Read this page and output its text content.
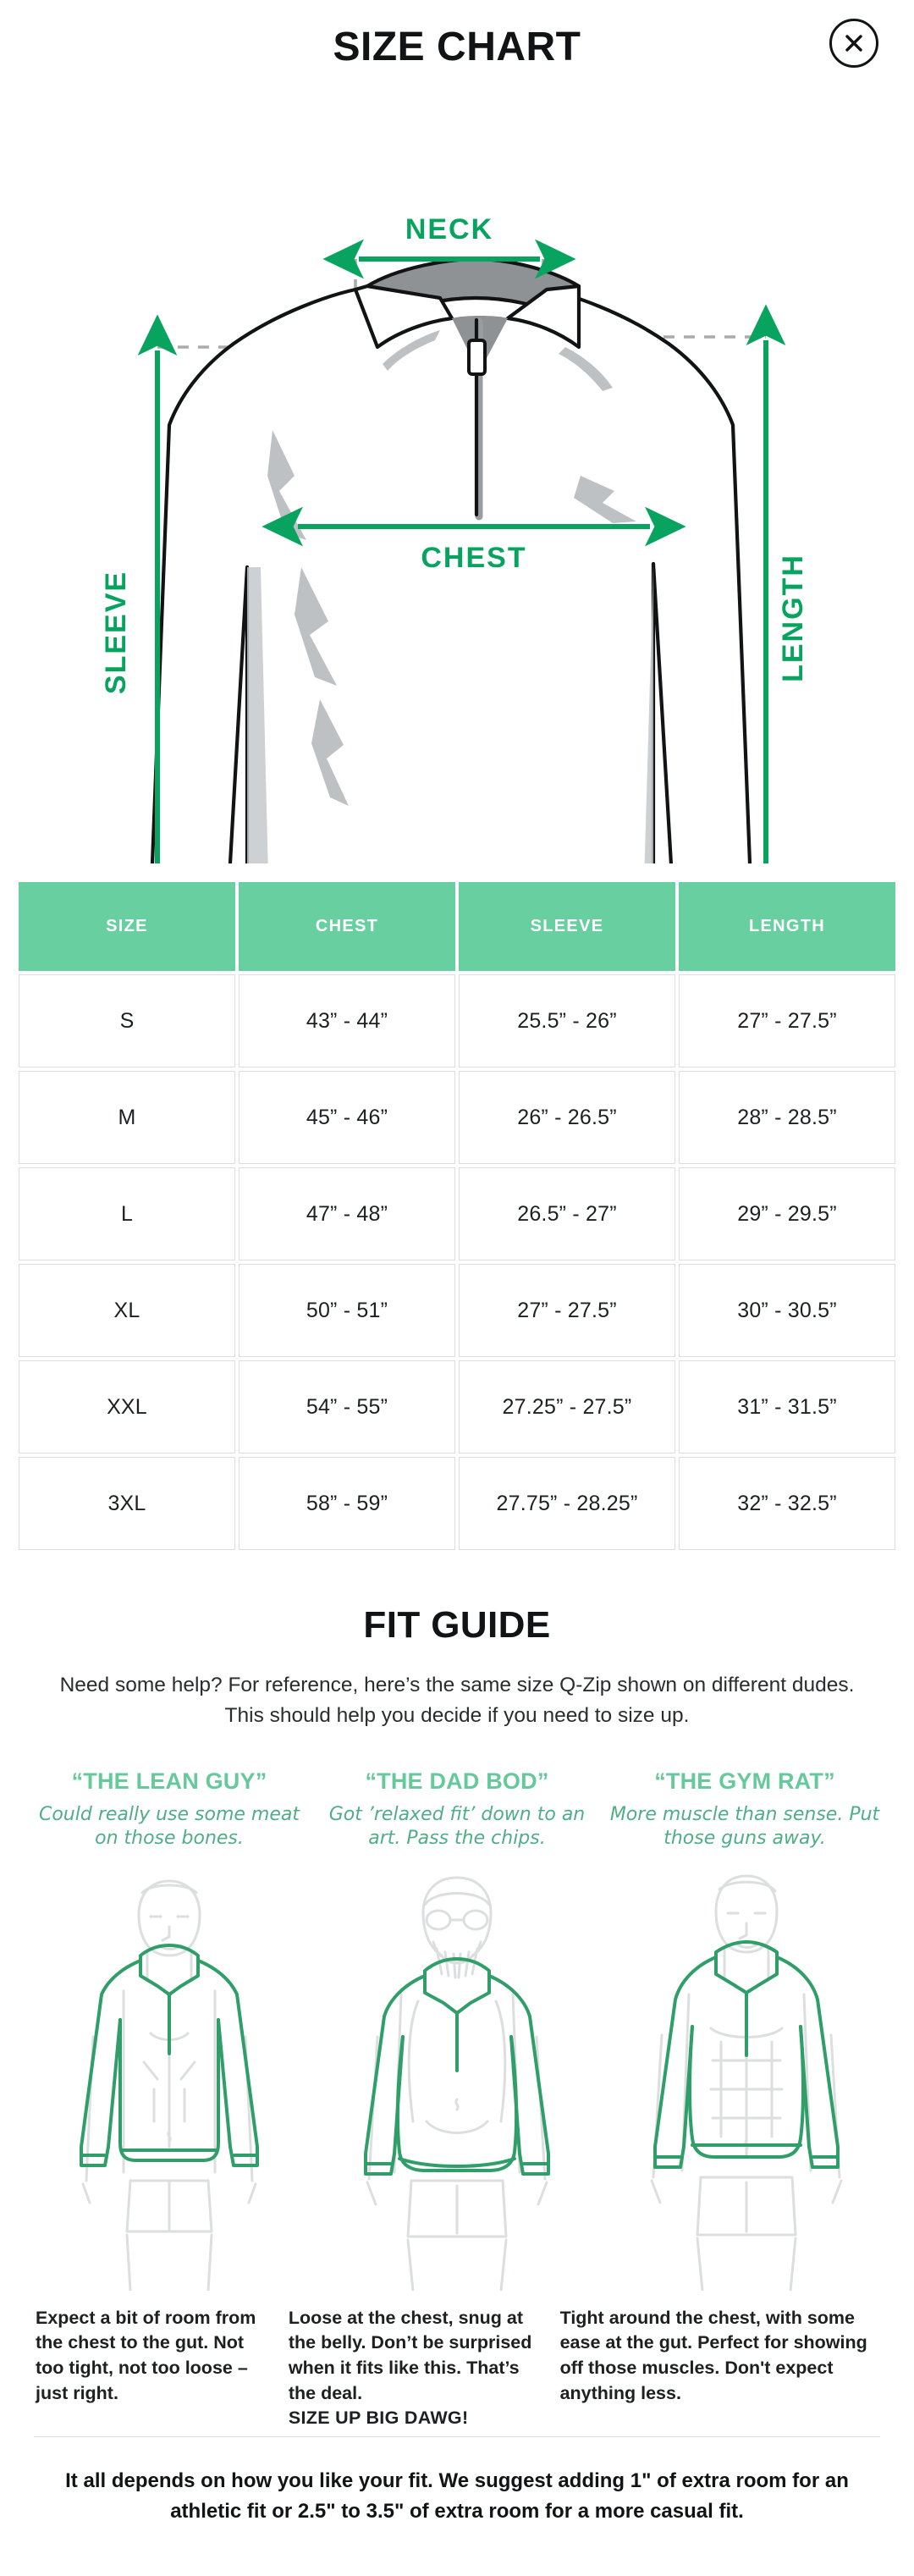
SIZE CHART
NECK
CHEST
SLEEVE	LENGTH
SIZE	CHEST	SLEEVE	LENGTH
S	43” - 44”	25.5” - 26”	27” - 27.5”
M	45” - 46”	26” - 26.5”	28” - 28.5”
L	47” - 48”	26.5” - 27”	29” - 29.5”
XL	50” - 51”	27” - 27.5”	30” - 30.5”
XXL	54” - 55”	27.25” - 27.5”	31” - 31.5”
3XL	58” - 59”	27.75” - 28.25”	32” - 32.5”
FIT GUIDE
Need some help? For reference, here’s the same size Q-Zip shown on different dudes. This should help you decide if you need to size up.
“THE LEAN GUY”
Could really use some meat on those bones.
“THE DAD BOD”
Got ’relaxed fit’ down to an art. Pass the chips.
“THE GYM RAT”
More muscle than sense. Put those guns away.
Expect a bit of room from the chest to the gut. Not too tight, not too loose – just right.
Loose at the chest, snug at the belly. Don’t be surprised when it fits like this. That’s the deal.
SIZE UP BIG DAWG!
Tight around the chest, with some ease at the gut. Perfect for showing off those muscles. Don't expect anything less.
It all depends on how you like your fit. We suggest adding 1" of extra room for an athletic fit or 2.5" to 3.5" of extra room for a more casual fit.
